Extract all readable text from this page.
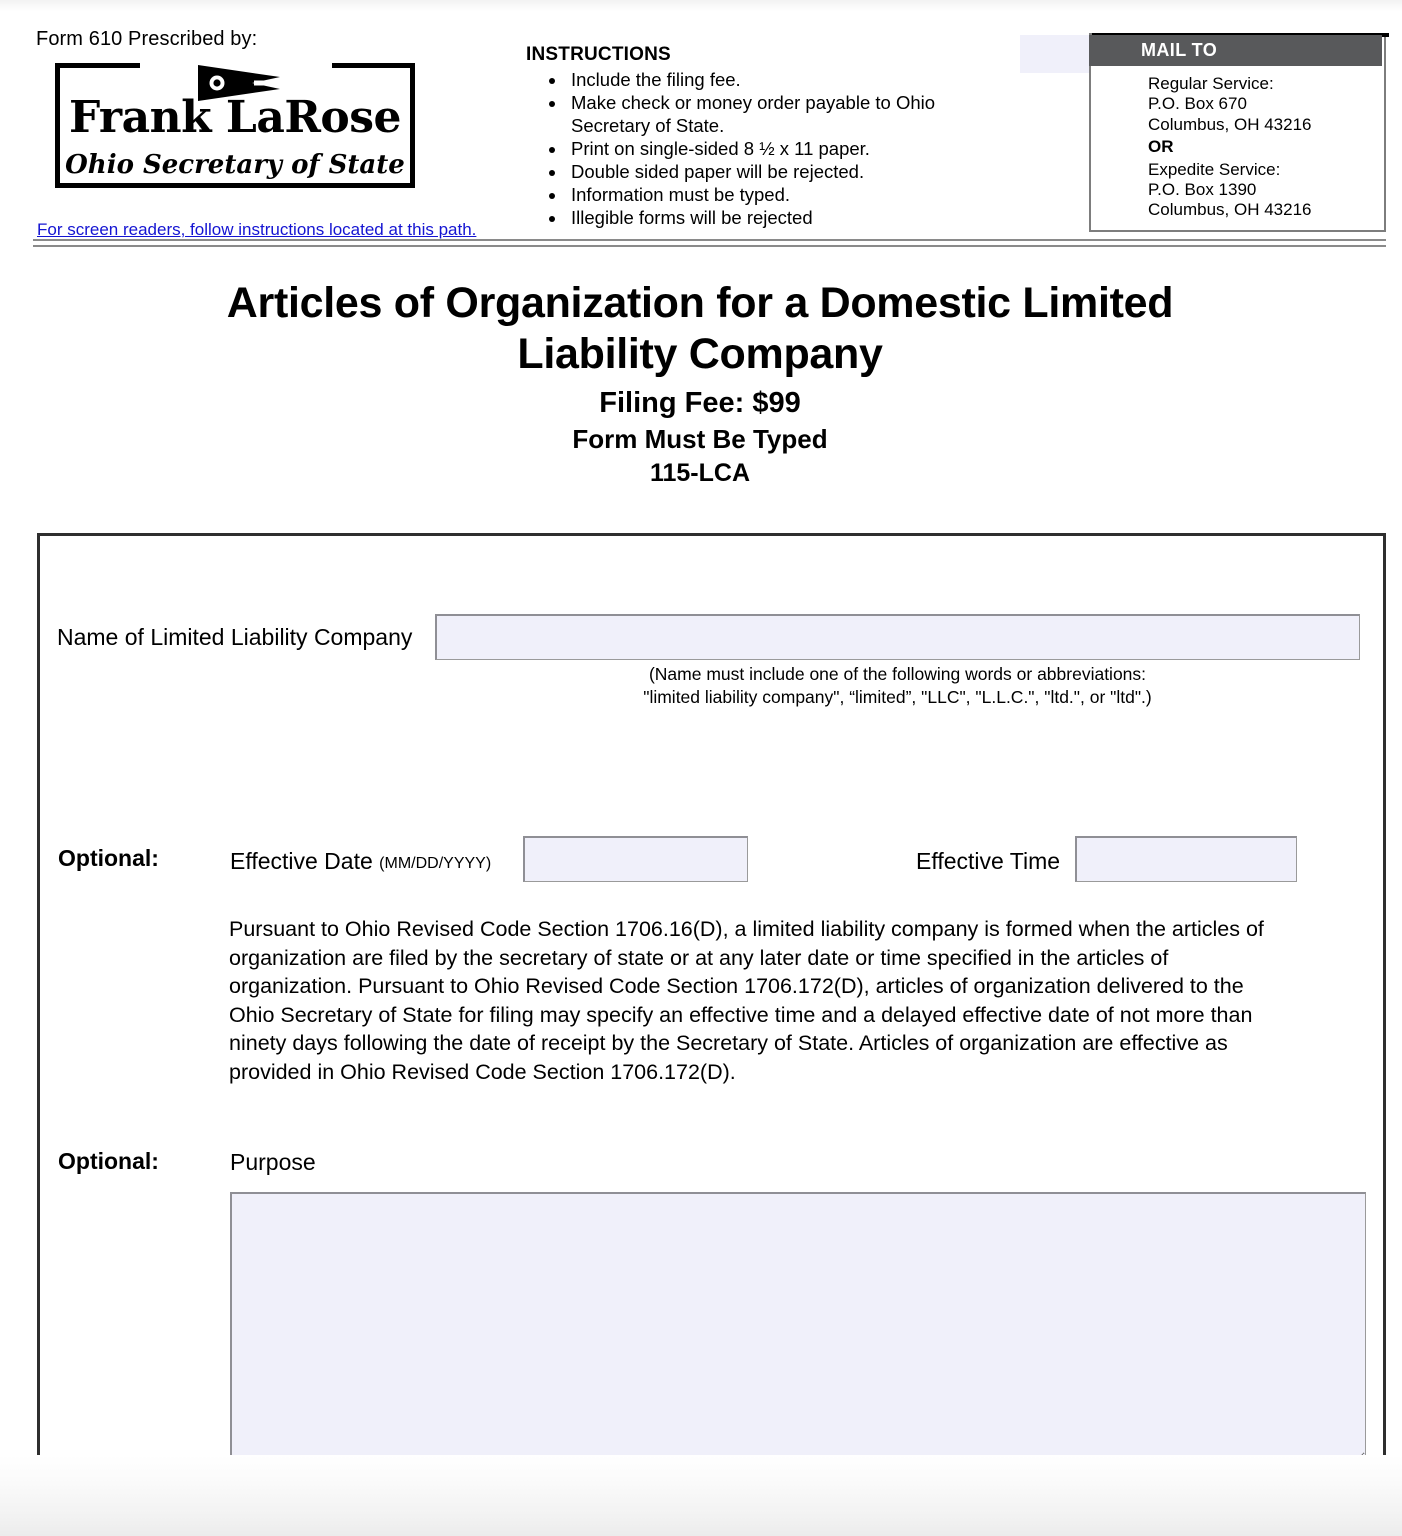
Form 610 Prescribed by:
Frank LaRose
Ohio Secretary of State
For screen readers, follow instructions located at this path.
INSTRUCTIONS
• Include the filing fee.
• Make check or money order payable to Ohio Secretary of State.
• Print on single-sided 8 ½ x 11 paper.
• Double sided paper will be rejected.
• Information must be typed.
• Illegible forms will be rejected
MAIL TO
Regular Service:
P.O. Box 670
Columbus, OH 43216
OR
Expedite Service:
P.O. Box 1390
Columbus, OH 43216
Articles of Organization for a Domestic Limited Liability Company
Filing Fee: $99
Form Must Be Typed
115-LCA
Name of Limited Liability Company
(Name must include one of the following words or abbreviations:
"limited liability company", “limited”, "LLC", "L.L.C.", "ltd.", or "ltd".)
Optional:	Effective Date (MM/DD/YYYY)	Effective Time
Pursuant to Ohio Revised Code Section 1706.16(D), a limited liability company is formed when the articles of organization are filed by the secretary of state or at any later date or time specified in the articles of organization. Pursuant to Ohio Revised Code Section 1706.172(D), articles of organization delivered to the Ohio Secretary of State for filing may specify an effective time and a delayed effective date of not more than ninety days following the date of receipt by the Secretary of State. Articles of organization are effective as provided in Ohio Revised Code Section 1706.172(D).
Optional:	Purpose
